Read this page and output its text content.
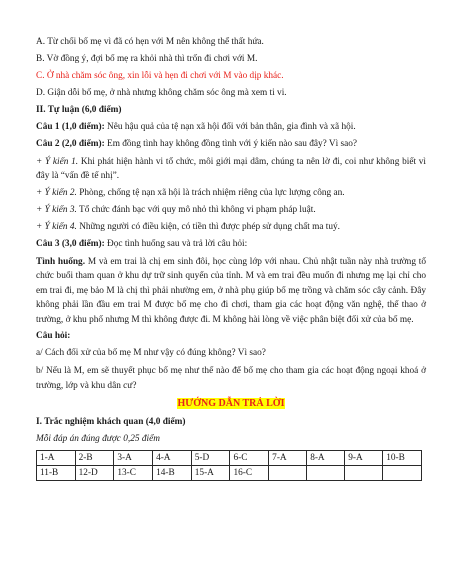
A. Từ chối bố mẹ vì đã có hẹn với M nên không thể thất hứa.

B. Vờ đồng ý, đợi bố mẹ ra khỏi nhà thì trốn đi chơi với M.

C. Ở nhà chăm sóc ông, xin lỗi và hẹn đi chơi với M vào dịp khác.

D. Giận dỗi bố mẹ, ở nhà nhưng không chăm sóc ông mà xem ti vi.

II. Tự luận (6,0 điểm)

Câu 1 (1,0 điểm): Nêu hậu quả của tệ nạn xã hội đối với bản thân, gia đình và xã hội.

Câu 2 (2,0 điểm): Em đồng tình hay không đồng tình với ý kiến nào sau đây? Vì sao?

+ Ý kiến 1. Khi phát hiện hành vi tổ chức, môi giới mại dâm, chúng ta nên lờ đi, coi như không biết vì đây là “vấn đề tế nhị”.

+ Ý kiến 2. Phòng, chống tệ nạn xã hội là trách nhiệm riêng của lực lượng công an.

+ Ý kiến 3. Tổ chức đánh bạc với quy mô nhỏ thì không vi phạm pháp luật.

+ Ý kiến 4. Những người có điều kiện, có tiền thì được phép sử dụng chất ma tuý.

Câu 3 (3,0 điểm): Đọc tình huống sau và trả lời câu hỏi:

Tình huống. M và em trai là chị em sinh đôi, học cùng lớp với nhau. Chủ nhật tuần này nhà trường tổ chức buổi tham quan ở khu dự trữ sinh quyển của tỉnh. M và em trai đều muốn đi nhưng mẹ lại chỉ cho em trai đi, mẹ bảo M là chị thì phải nhường em, ở nhà phụ giúp bố mẹ trồng và chăm sóc cây cảnh. Đây không phải lần đầu em trai M được bố mẹ cho đi chơi, tham gia các hoạt động văn nghệ, thể thao ở trường, ở khu phố nhưng M thì không được đi. M không hài lòng về việc phân biệt đối xử của bố mẹ.

Câu hỏi:

a/ Cách đối xử của bố mẹ M như vậy có đúng không? Vì sao?

b/ Nếu là M, em sẽ thuyết phục bố mẹ như thế nào để bố mẹ cho tham gia các hoạt động ngoại khoá ở trường, lớp và khu dân cư?

HƯỚNG DẪN TRẢ LỜI

I. Trắc nghiệm khách quan (4,0 điểm)

Mỗi đáp án đúng được 0,25 điểm

1-A	2-B	3-A	4-A	5-D	6-C	7-A	8-A	9-A	10-B
11-B	12-D	13-C	14-B	15-A	16-C				
